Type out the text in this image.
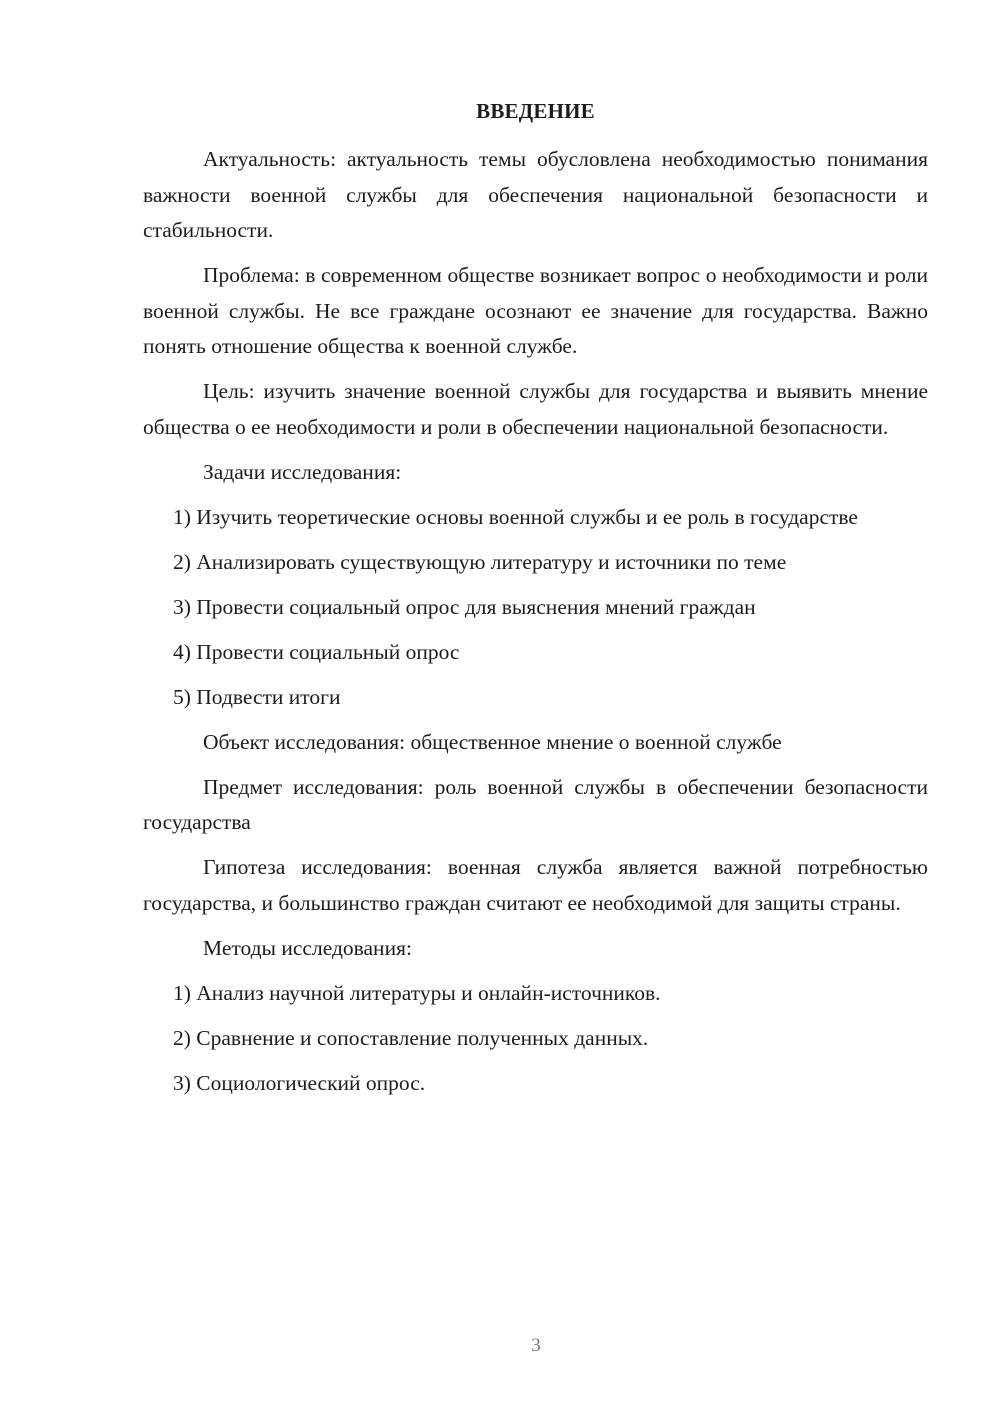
ВВЕДЕНИЕ

Актуальность: актуальность темы обусловлена необходимостью понимания важности военной службы для обеспечения национальной безопасности и стабильности.

Проблема: в современном обществе возникает вопрос о необходимости и роли военной службы. Не все граждане осознают ее значение для государства. Важно понять отношение общества к военной службе.

Цель: изучить значение военной службы для государства и выявить мнение общества о ее необходимости и роли в обеспечении национальной безопасности.

Задачи исследования:

1) Изучить теоретические основы военной службы и ее роль в государстве

2) Анализировать существующую литературу и источники по теме

3) Провести социальный опрос для выяснения мнений граждан

4) Провести социальный опрос

5) Подвести итоги

Объект исследования: общественное мнение о военной службе

Предмет исследования: роль военной службы в обеспечении безопасности государства

Гипотеза исследования: военная служба является важной потребностью государства, и большинство граждан считают ее необходимой для защиты страны.

Методы исследования:

1) Анализ научной литературы и онлайн-источников.

2) Сравнение и сопоставление полученных данных.

3) Социологический опрос.

3
